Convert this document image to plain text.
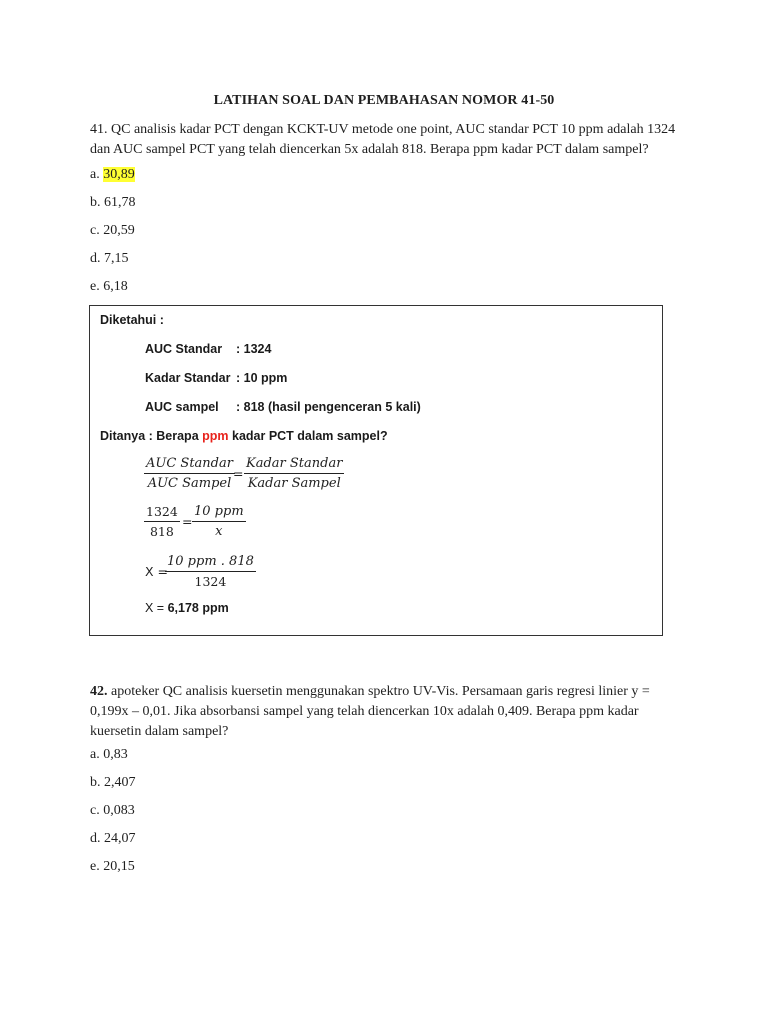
LATIHAN SOAL DAN PEMBAHASAN NOMOR 41-50
41. QC analisis kadar PCT dengan KCKT-UV metode one point, AUC standar PCT 10 ppm adalah 1324
dan AUC sampel PCT yang telah diencerkan 5x adalah 818. Berapa ppm kadar PCT dalam sampel?
a. 30,89
b. 61,78
c. 20,59
d. 7,15
e. 6,18
Diketahui :
AUC Standar : 1324
Kadar Standar : 10 ppm
AUC sampel : 818 (hasil pengenceran 5 kali)
Ditanya : Berapa ppm kadar PCT dalam sampel?
AUC Standar
AUC Sampel
=
Kadar Standar
Kadar Sampel
1324
818
=
10 ppm
x
X =
10 ppm . 818
1324
X = 6,178 ppm
42. apoteker QC analisis kuersetin menggunakan spektro UV-Vis. Persamaan garis regresi linier y =
0,199x – 0,01. Jika absorbansi sampel yang telah diencerkan 10x adalah 0,409. Berapa ppm kadar
kuersetin dalam sampel?
a. 0,83
b. 2,407
c. 0,083
d. 24,07
e. 20,15
